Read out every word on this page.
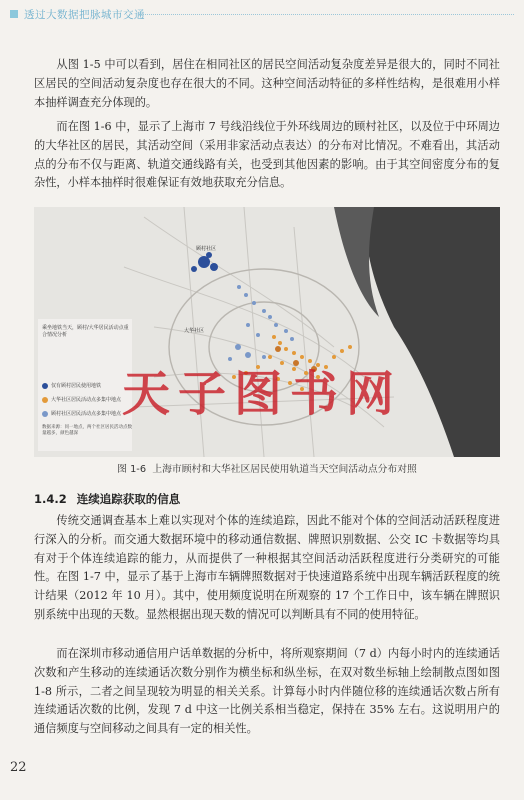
透过大数据把脉城市交通

从图 1-5 中可以看到，居住在相同社区的居民空间活动复杂度差异是很大的，同时不同社区居民的空间活动复杂度也存在很大的不同。这种空间活动特征的多样性结构，是很难用小样本抽样调查充分体现的。

而在图 1-6 中，显示了上海市 7 号线沿线位于外环线周边的顾村社区，以及位于中环周边的大华社区的居民，其活动空间（采用非家活动点表达）的分布对比情况。不难看出，其活动点的分布不仅与距离、轨道交通线路有关，也受到其他因素的影响。由于其空间密度分布的复杂性，小样本抽样时很难保证有效地获取充分信息。

顾村社区
大华社区
乘坐地铁当天，顾村/大华居民活动点重合情况分析
仅有顾村居民使用地铁
大华社区居民活动点多集中地点
顾村社区居民活动点多集中地点
数据来源：同一地点，两个社区居民活动点数量越多，颜色越深
图 1-6 上海市顾村和大华社区居民使用轨道当天空间活动点分布对照
天子图书网
1.4.2 连续追踪获取的信息

传统交通调查基本上难以实现对个体的连续追踪，因此不能对个体的空间活动活跃程度进行深入的分析。而交通大数据环境中的移动通信数据、牌照识别数据、公交 IC 卡数据等均具有对于个体连续追踪的能力，从而提供了一种根据其空间活动活跃程度进行分类研究的可能性。在图 1-7 中，显示了基于上海市车辆牌照数据对于快速道路系统中出现车辆活跃程度的统计结果（2012 年 10 月）。其中，使用频度说明在所观察的 17 个工作日中，该车辆在牌照识别系统中出现的天数。显然根据出现天数的情况可以判断具有不同的使用特征。

而在深圳市移动通信用户话单数据的分析中，将所观察期间（7 d）内每小时内的连续通话次数和产生移动的连续通话次数分别作为横坐标和纵坐标，在双对数坐标轴上绘制散点图如图 1-8 所示，二者之间呈现较为明显的相关关系。计算每小时内伴随位移的连续通话次数占所有连续通话次数的比例，发现 7 d 中这一比例关系相当稳定，保持在 35% 左右。这说明用户的通信频度与空间移动之间具有一定的相关性。

22
